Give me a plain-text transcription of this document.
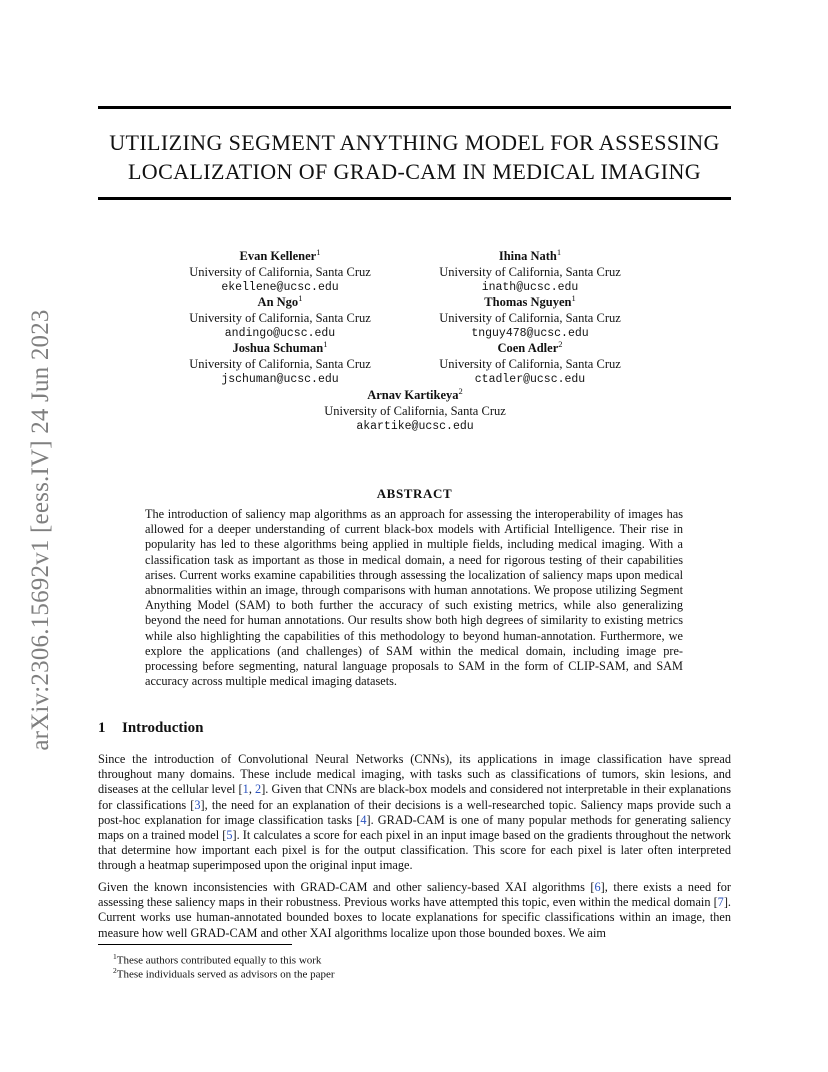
arXiv:2306.15692v1 [eess.IV] 24 Jun 2023
UTILIZING SEGMENT ANYTHING MODEL FOR ASSESSING
LOCALIZATION OF GRAD-CAM IN MEDICAL IMAGING
Evan Kellener$^1$
University of California, Santa Cruz
ekellene@ucsc.edu
Ihina Nath$^1$
University of California, Santa Cruz
inath@ucsc.edu
An Ngo$^1$
University of California, Santa Cruz
andingo@ucsc.edu
Thomas Nguyen$^1$
University of California, Santa Cruz
tnguy478@ucsc.edu
Joshua Schuman$^1$
University of California, Santa Cruz
jschuman@ucsc.edu
Coen Adler$^2$
University of California, Santa Cruz
ctadler@ucsc.edu
Arnav Kartikeya$^2$
University of California, Santa Cruz
akartike@ucsc.edu
ABSTRACT
The introduction of saliency map algorithms as an approach for assessing the interoperability of images has allowed for a deeper understanding of current black-box models with Artificial Intelligence. Their rise in popularity has led to these algorithms being applied in multiple fields, including medical imaging. With a classification task as important as those in medical domain, a need for rigorous testing of their capabilities arises. Current works examine capabilities through assessing the localization of saliency maps upon medical abnormalities within an image, through comparisons with human annotations. We propose utilizing Segment Anything Model (SAM) to both further the accuracy of such existing metrics, while also generalizing beyond the need for human annotations. Our results show both high degrees of similarity to existing metrics while also highlighting the capabilities of this methodology to beyond human-annotation. Furthermore, we explore the applications (and challenges) of SAM within the medical domain, including image pre-processing before segmenting, natural language proposals to SAM in the form of CLIP-SAM, and SAM accuracy across multiple medical imaging datasets.
1 Introduction
Since the introduction of Convolutional Neural Networks (CNNs), its applications in image classification have spread throughout many domains. These include medical imaging, with tasks such as classifications of tumors, skin lesions, and diseases at the cellular level [1, 2]. Given that CNNs are black-box models and considered not interpretable in their explanations for classifications [3], the need for an explanation of their decisions is a well-researched topic. Saliency maps provide such a post-hoc explanation for image classification tasks [4]. GRAD-CAM is one of many popular methods for generating saliency maps on a trained model [5]. It calculates a score for each pixel in an input image based on the gradients throughout the network that determine how important each pixel is for the output classification. This score for each pixel is later often interpreted through a heatmap superimposed upon the original input image.
Given the known inconsistencies with GRAD-CAM and other saliency-based XAI algorithms [6], there exists a need for assessing these saliency maps in their robustness. Previous works have attempted this topic, even within the medical domain [7]. Current works use human-annotated bounded boxes to locate explanations for specific classifications within an image, then measure how well GRAD-CAM and other XAI algorithms localize upon those bounded boxes. We aim
$^1$These authors contributed equally to this work
$^2$These individuals served as advisors on the paper
